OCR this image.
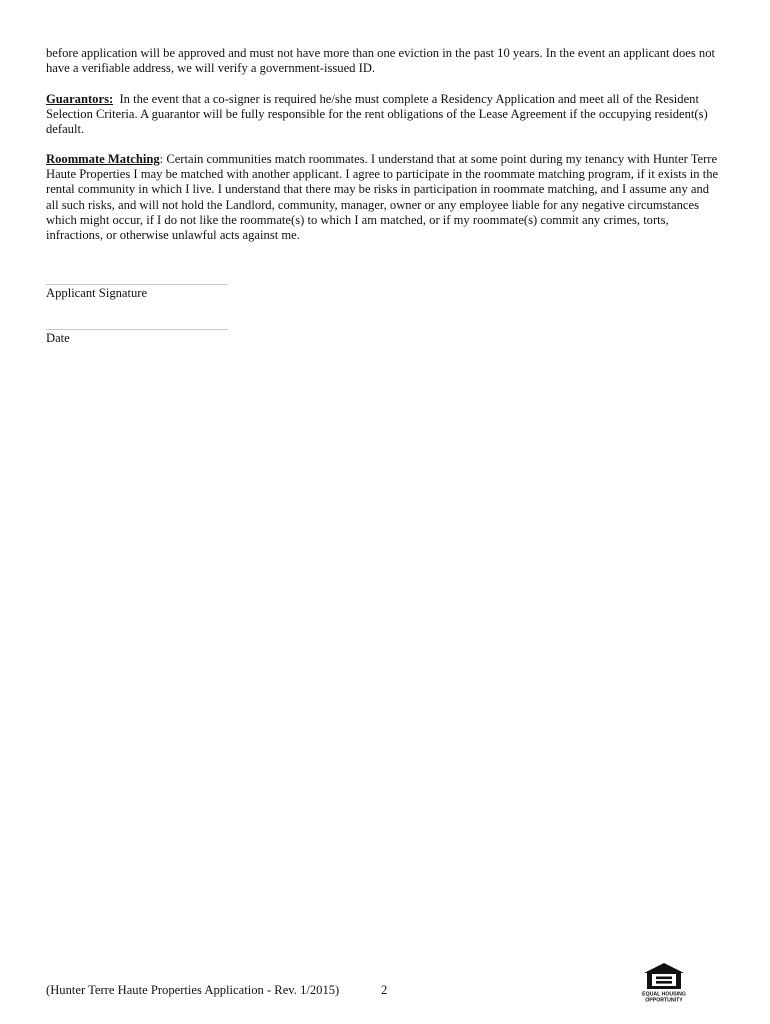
before application will be approved and must not have more than one eviction in the past 10 years. In the event an applicant does not
have a verifiable address, we will verify a government-issued ID.

Guarantors:  In the event that a co-signer is required he/she must complete a Residency Application and meet all of the Resident
Selection Criteria. A guarantor will be fully responsible for the rent obligations of the Lease Agreement if the occupying resident(s)
default.

Roommate Matching: Certain communities match roommates. I understand that at some point during my tenancy with Hunter Terre
Haute Properties I may be matched with another applicant. I agree to participate in the roommate matching program, if it exists in the
rental community in which I live. I understand that there may be risks in participation in roommate matching, and I assume any and
all such risks, and will not hold the Landlord, community, manager, owner or any employee liable for any negative circumstances
which might occur, if I do not like the roommate(s) to which I am matched, or if my roommate(s) commit any crimes, torts,
infractions, or otherwise unlawful acts against me.

Applicant Signature
Date
(Hunter Terre Haute Properties Application - Rev. 1/2015)	2	EQUAL HOUSING
OPPORTUNITY
